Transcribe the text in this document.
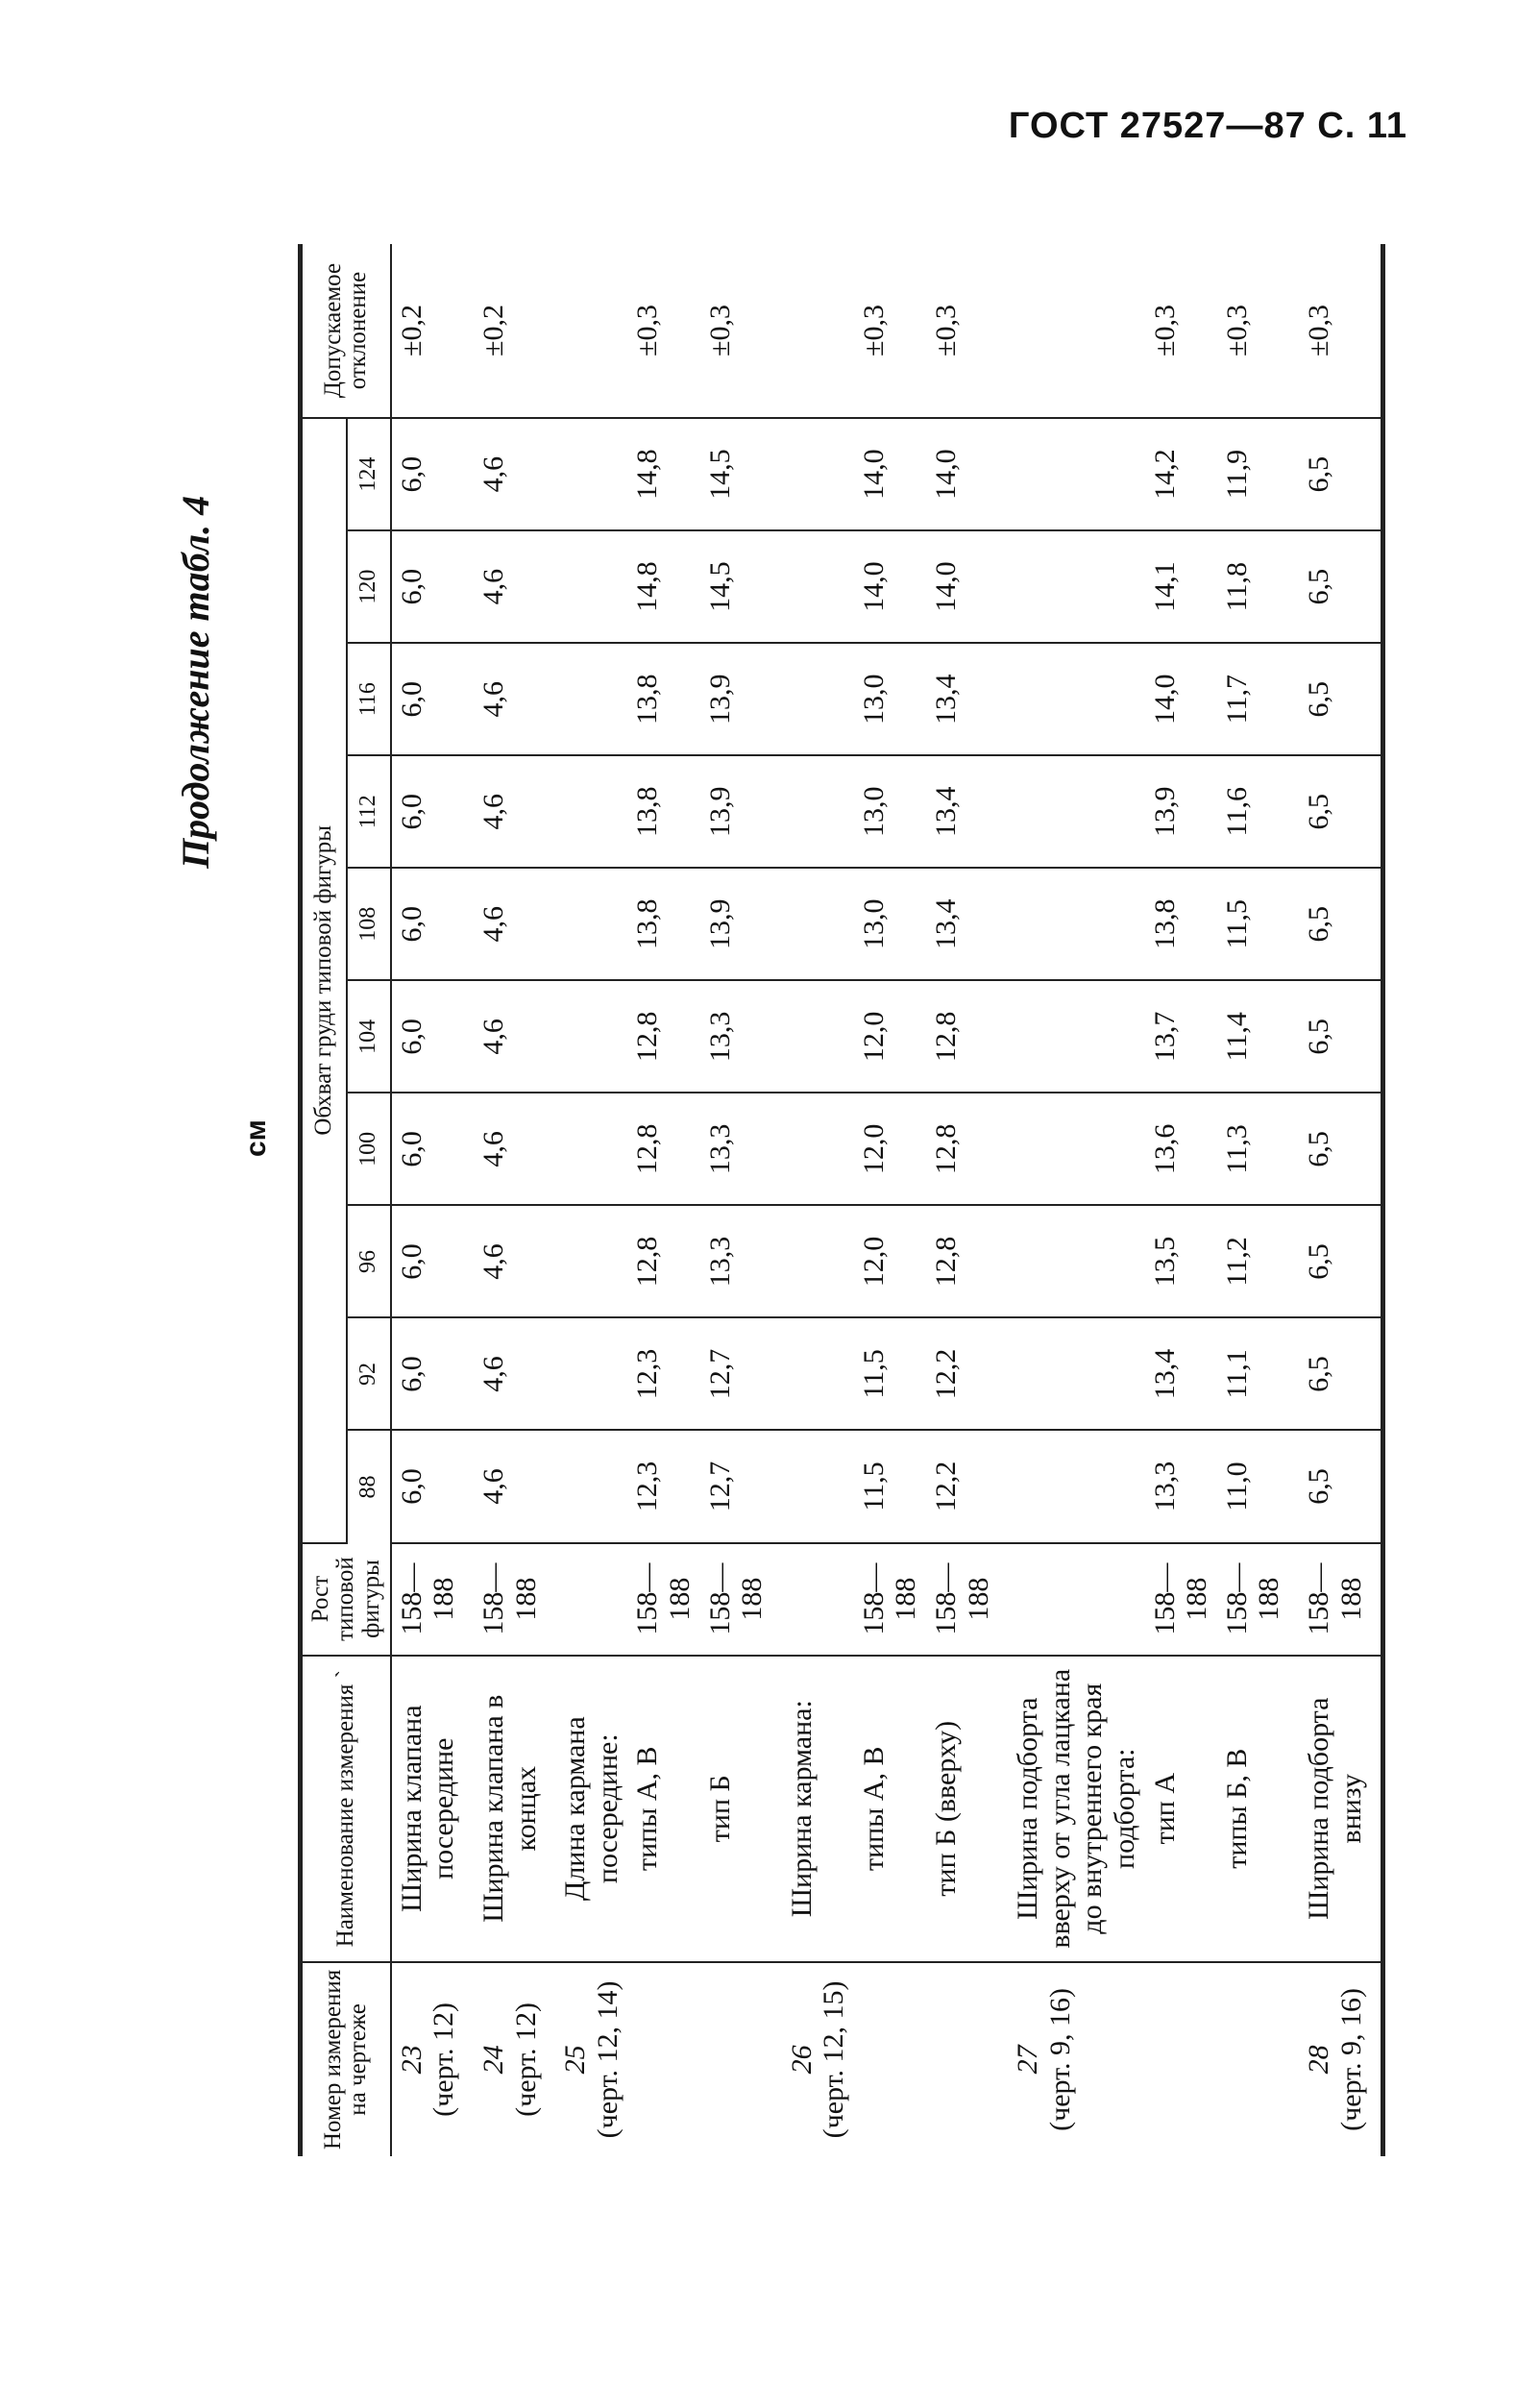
ГОСТ 27527—87 С. 11
Продолжение табл. 4
см
Номер измерения на чертеже	Наименование измерения `	Рост типовой фигуры	Обхват груди типовой фигуры										Допускаемое отклонение
			88	92	96	100	104	108	112	116	120	124	

23 (черт. 12)	Ширина клапана посередине	158—188	6,0	6,0	6,0	6,0	6,0	6,0	6,0	6,0	6,0	6,0	±0,2

24 (черт. 12)	Ширина клапана в концах	158—188	4,6	4,6	4,6	4,6	4,6	4,6	4,6	4,6	4,6	4,6	±0,2

25 (черт. 12, 14)	Длина кармана посередине:												

	типы А, В	158—188	12,3	12,3	12,8	12,8	12,8	13,8	13,8	13,8	14,8	14,8	±0,3

	тип Б	158—188	12,7	12,7	13,3	13,3	13,3	13,9	13,9	13,9	14,5	14,5	±0,3

26 (черт. 12, 15)	Ширина кармана:												

	типы А, В	158—188	11,5	11,5	12,0	12,0	12,0	13,0	13,0	13,0	14,0	14,0	±0,3

	тип Б (вверху)	158—188	12,2	12,2	12,8	12,8	12,8	13,4	13,4	13,4	14,0	14,0	±0,3

27 (черт. 9, 16)	Ширина подборта вверху от угла лацкана до внутреннего края подборта:												

	тип А	158—188	13,3	13,4	13,5	13,6	13,7	13,8	13,9	14,0	14,1	14,2	±0,3

	типы Б, В	158—188	11,0	11,1	11,2	11,3	11,4	11,5	11,6	11,7	11,8	11,9	±0,3

28 (черт. 9, 16)	Ширина подборта внизу	158—188	6,5	6,5	6,5	6,5	6,5	6,5	6,5	6,5	6,5	6,5	±0,3
